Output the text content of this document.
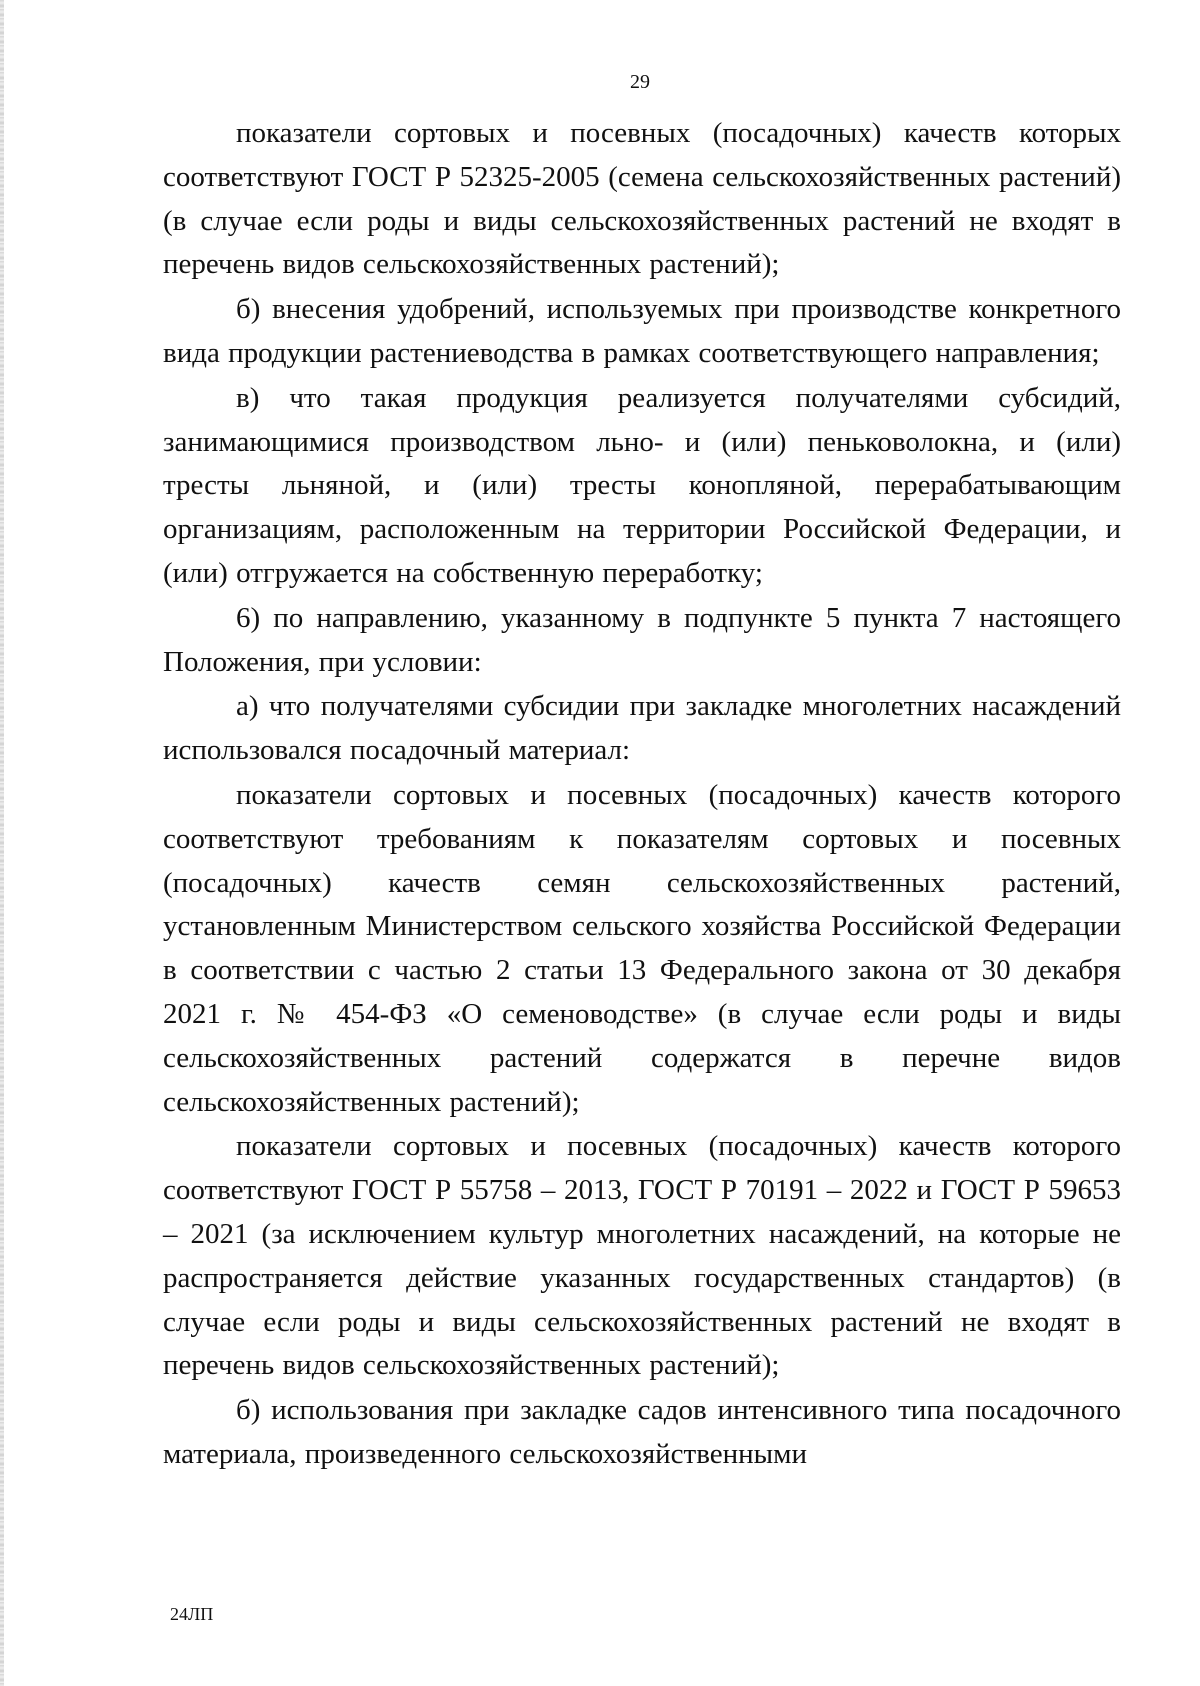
29

показатели сортовых и посевных (посадочных) качеств которых соответствуют ГОСТ Р 52325-2005 (семена сельскохозяйственных растений) (в случае если роды и виды сельскохозяйственных растений не входят в перечень видов сельскохозяйственных растений);

б) внесения удобрений, используемых при производстве конкретного вида продукции растениеводства в рамках соответствующего направления;

в) что такая продукция реализуется получателями субсидий, занимающимися производством льно- и (или) пеньковолокна, и (или) тресты льняной, и (или) тресты конопляной, перерабатывающим организациям, расположенным на территории Российской Федерации, и (или) отгружается на собственную переработку;

6) по направлению, указанному в подпункте 5 пункта 7 настоящего Положения, при условии:

а) что получателями субсидии при закладке многолетних насаждений использовался посадочный материал:

показатели сортовых и посевных (посадочных) качеств которого соответствуют требованиям к показателям сортовых и посевных (посадочных) качеств семян сельскохозяйственных растений, установленным Министерством сельского хозяйства Российской Федерации в соответствии с частью 2 статьи 13 Федерального закона от 30 декабря 2021 г. № 454-ФЗ «О семеноводстве» (в случае если роды и виды сельскохозяйственных растений содержатся в перечне видов сельскохозяйственных растений);

показатели сортовых и посевных (посадочных) качеств которого соответствуют ГОСТ Р 55758 – 2013, ГОСТ Р 70191 – 2022 и ГОСТ Р 59653 – 2021 (за исключением культур многолетних насаждений, на которые не распространяется действие указанных государственных стандартов) (в случае если роды и виды сельскохозяйственных растений не входят в перечень видов сельскохозяйственных растений);

б) использования при закладке садов интенсивного типа посадочного материала, произведенного сельскохозяйственными

24ЛП
